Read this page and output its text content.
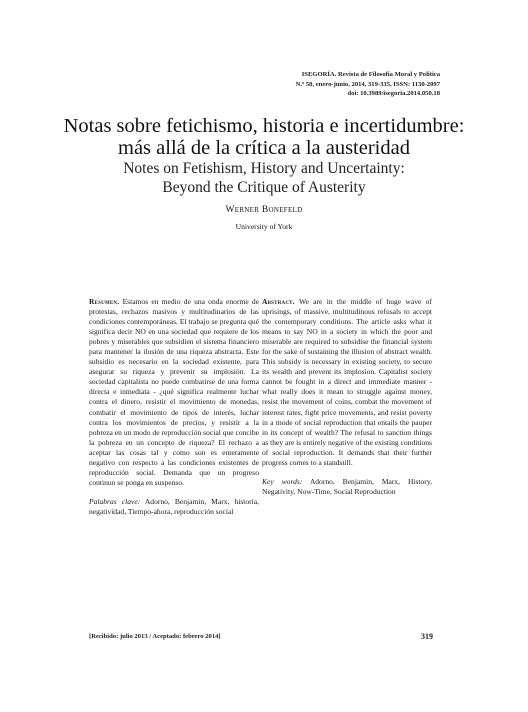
ISEGORÍA. Revista de Filosofía Moral y Política
N.º 50, enero-junio, 2014, 319-335, ISSN: 1130-2097
doi: 10.3989/isegoria.2014.050.18
Notas sobre fetichismo, historia e incertidumbre:
más allá de la crítica a la austeridad
Notes on Fetishism, History and Uncertainty:
Beyond the Critique of Austerity
Werner Bonefeld
University of York
Resumen. Estamos en medio de una onda enorme de protestas, rechazos masivos y multitudinarios de las condiciones contemporáneas. El trabajo se pregunta qué significa decir NO en una sociedad que requiere de los pobres y miserables que subsidien el sistema financiero para mantener la ilusión de una riqueza abstracta. Este subsidio es necesario en la sociedad existente, para asegurar su riqueza y prevenir su implosión. La sociedad capitalista no puede combatirse de una forma directa e inmediata - ¿qué significa realmente luchar contra el dinero, resistir el movimiento de monedas, combatir el movimiento de tipos de interés, luchar contra los movimientos de precios, y resistir a la pobreza en un modo de reproducción social que concibe la pobreza en un concepto de riqueza? El rechazo a aceptar las cosas tal y como son es enteramente negativo con respecto a las condiciones existentes de reproducción social. Demanda que un progreso continuo se ponga en suspenso.
Palabras clave: Adorno, Benjamin, Marx, historia, negatividad, Tiempo-ahora, reproducción social
Abstract. We are in the middle of huge wave of uprisings, of massive, multitudinous refusals to accept the contemporary conditions. The article asks what it means to say NO in a society in which the poor and miserable are required to subsidise the financial system for the sake of sustaining the illusion of abstract wealth. This subsidy is necessary in existing society, to secure its wealth and prevent its implosion. Capitalist society cannot be fought in a direct and immediate manner - what really does it mean to struggle against money, resist the movement of coins, combat the movement of interest rates, fight price movements, and resist poverty in a mode of social reproduction that entails the pauper in its concept of wealth? The refusal to sanction things as they are is entirely negative of the existing conditions of social reproduction. It demands that their further progress comes to a standstill.
Key words: Adorno, Benjamin, Marx, History, Negativity, Now-Time, Social Reproduction
[Recibido: julio 2013 / Aceptado: febrero 2014]	319
